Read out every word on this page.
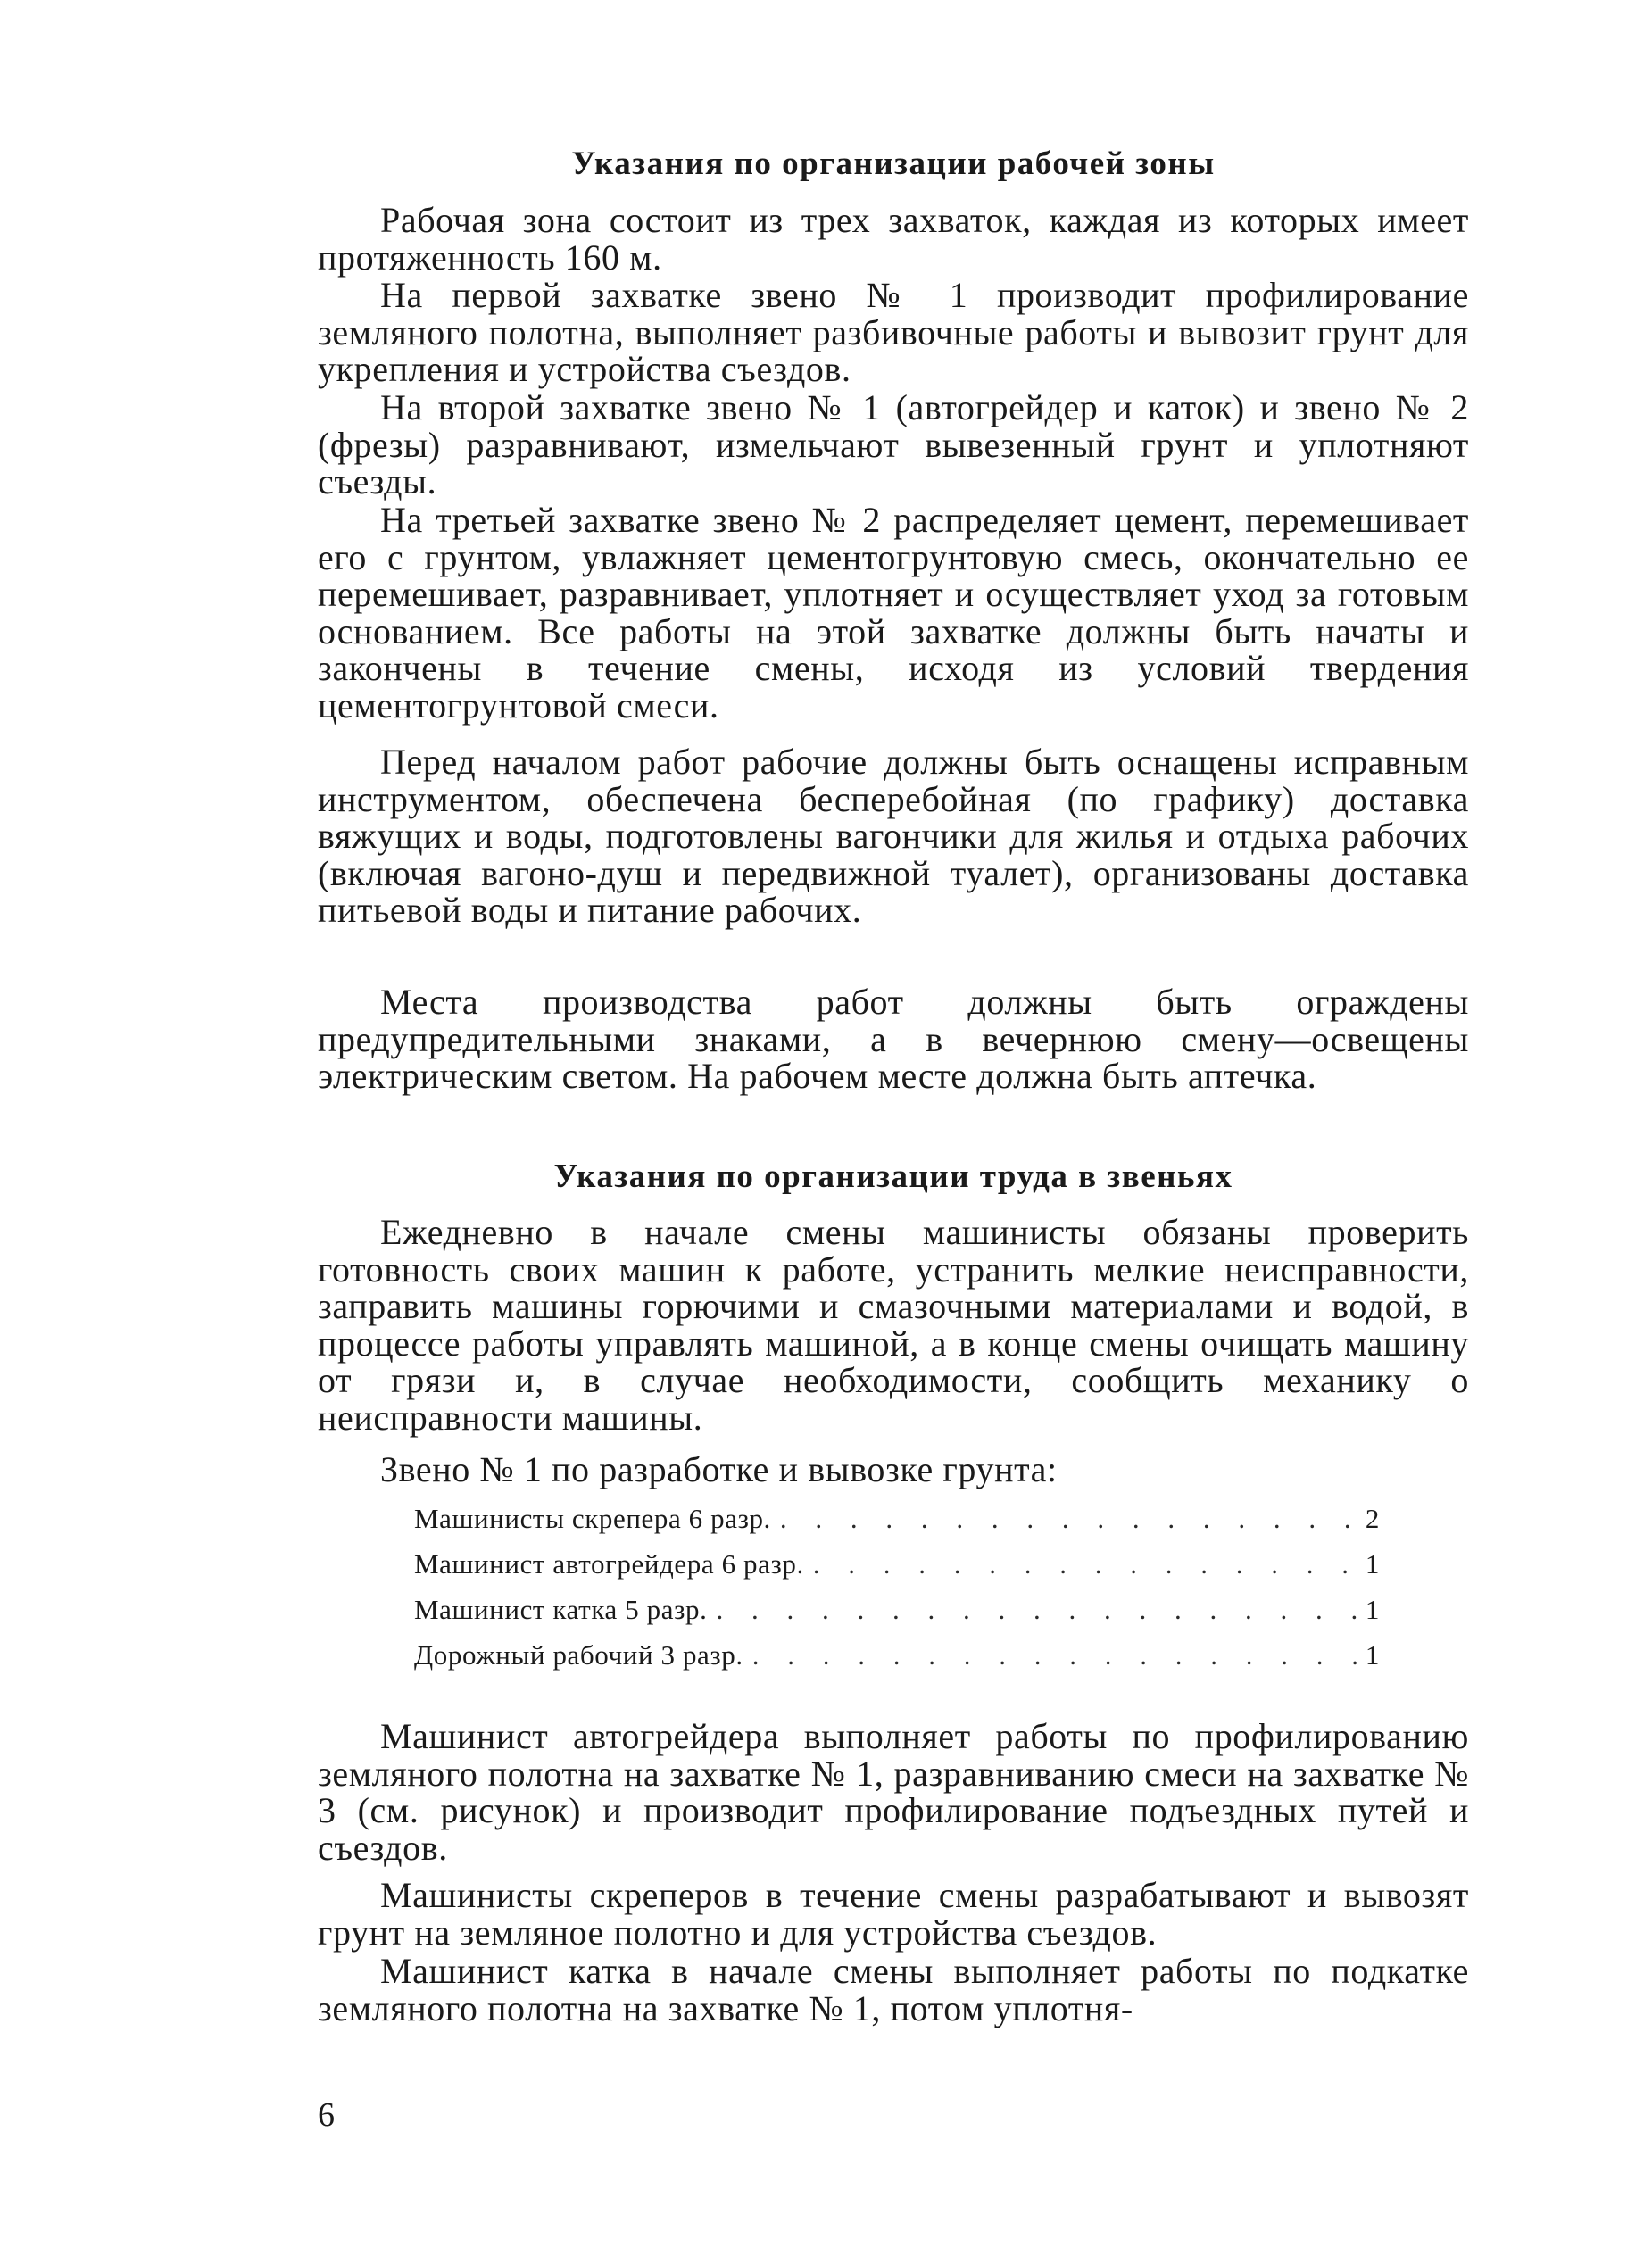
Указания по организации рабочей зоны

Рабочая зона состоит из трех захваток, каждая из которых имеет протяженность 160 м.

На первой захватке звено № 1 производит профилирование земляного полотна, выполняет разбивочные работы и вывозит грунт для укрепления и устройства съездов.

На второй захватке звено № 1 (автогрейдер и каток) и звено № 2 (фрезы) разравнивают, измельчают вывезенный грунт и уплотняют съезды.

На третьей захватке звено № 2 распределяет цемент, перемешивает его с грунтом, увлажняет цементогрунтовую смесь, окончательно ее перемешивает, разравнивает, уплотняет и осуществляет уход за готовым основанием. Все работы на этой захватке должны быть начаты и закончены в течение смены, исходя из условий твердения цементогрунтовой смеси.

Перед началом работ рабочие должны быть оснащены исправным инструментом, обеспечена бесперебойная (по графику) доставка вяжущих и воды, подготовлены вагончики для жилья и отдыха рабочих (включая вагоно-душ и передвижной туалет), организованы доставка питьевой воды и питание рабочих.

Места производства работ должны быть ограждены предупредительными знаками, а в вечернюю смену—освещены электрическим светом. На рабочем месте должна быть аптечка.

Указания по организации труда в звеньях

Ежедневно в начале смены машинисты обязаны проверить готовность своих машин к работе, устранить мелкие неисправности, заправить машины горючими и смазочными материалами и водой, в процессе работы управлять машиной, а в конце смены очищать машину от грязи и, в случае необходимости, сообщить механику о неисправности машины.

Звено № 1 по разработке и вывозке грунта:

Машинисты скрепера 6 разр. . . .	2
Машинист автогрейдера 6 разр. . . .	1
Машинист катка 5 разр. . . .	1
Дорожный рабочий 3 разр. . . .	1

Машинист автогрейдера выполняет работы по профилированию земляного полотна на захватке № 1, разравниванию смеси на захватке № 3 (см. рисунок) и производит профилирование подъездных путей и съездов.

Машинисты скреперов в течение смены разрабатывают и вывозят грунт на земляное полотно и для устройства съездов.

Машинист катка в начале смены выполняет работы по подкатке земляного полотна на захватке № 1, потом уплотня-

6
